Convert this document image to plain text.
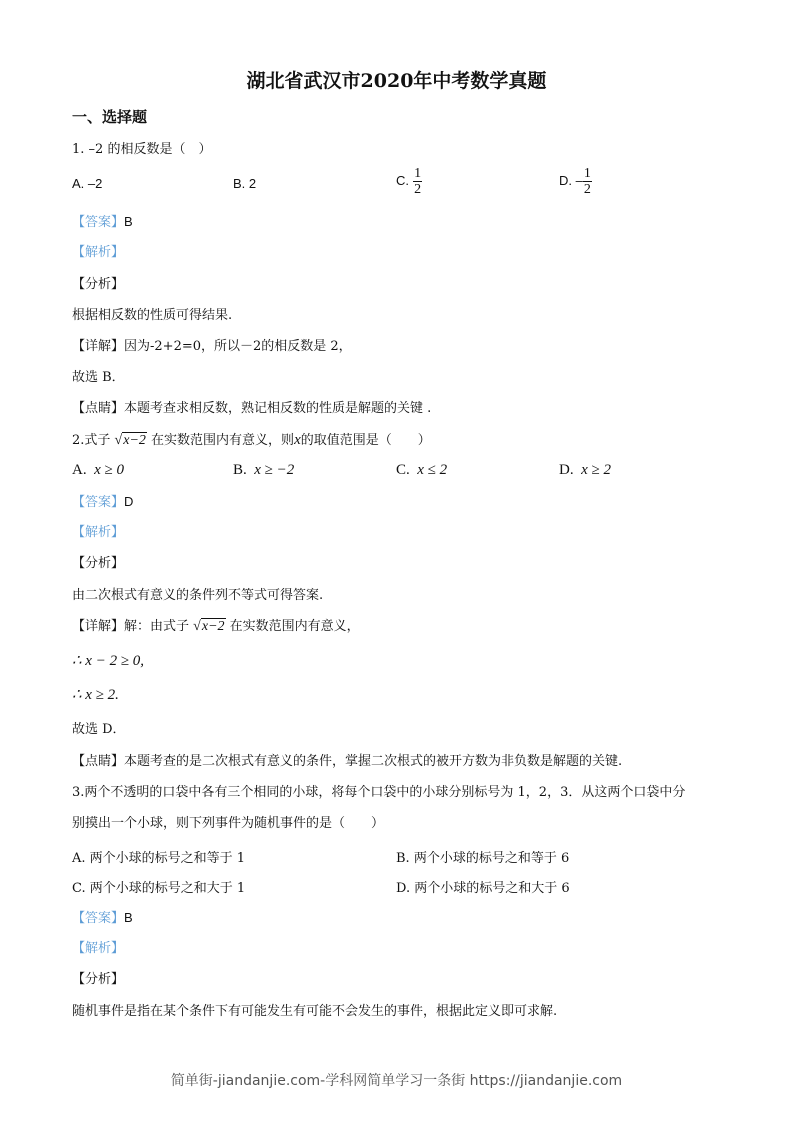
湖北省武汉市2020年中考数学真题
一、选择题
1. –2 的相反数是（　）
A. –2	B. 2	C. $\frac{1}{2}$	D. – $\frac{1}{2}$
【答案】B
【解析】
【分析】
根据相反数的性质可得结果.
【详解】因为-2+2=0，所以－2的相反数是 2，
故选 B．
【点睛】本题考查求相反数，熟记相反数的性质是解题的关键 .
2.式子 √x−2 在实数范围内有意义，则x的取值范围是（　　）
A. x ≥ 0	B. x ≥ −2	C. x ≤ 2	D. x ≥ 2
【答案】D
【解析】
【分析】
由二次根式有意义的条件列不等式可得答案.
【详解】解：由式子 √x−2 在实数范围内有意义，
∴ x − 2 ≥ 0,
∴ x ≥ 2.
故选 D．
【点睛】本题考查的是二次根式有意义的条件，掌握二次根式的被开方数为非负数是解题的关键.
3.两个不透明的口袋中各有三个相同的小球，将每个口袋中的小球分别标号为 1，2，3．从这两个口袋中分
别摸出一个小球，则下列事件为随机事件的是（　　）
A. 两个小球的标号之和等于 1	B. 两个小球的标号之和等于 6
C. 两个小球的标号之和大于 1	D. 两个小球的标号之和大于 6
【答案】B
【解析】
【分析】
随机事件是指在某个条件下有可能发生有可能不会发生的事件，根据此定义即可求解.
简单街-jiandanjie.com-学科网简单学习一条街 https://jiandanjie.com
